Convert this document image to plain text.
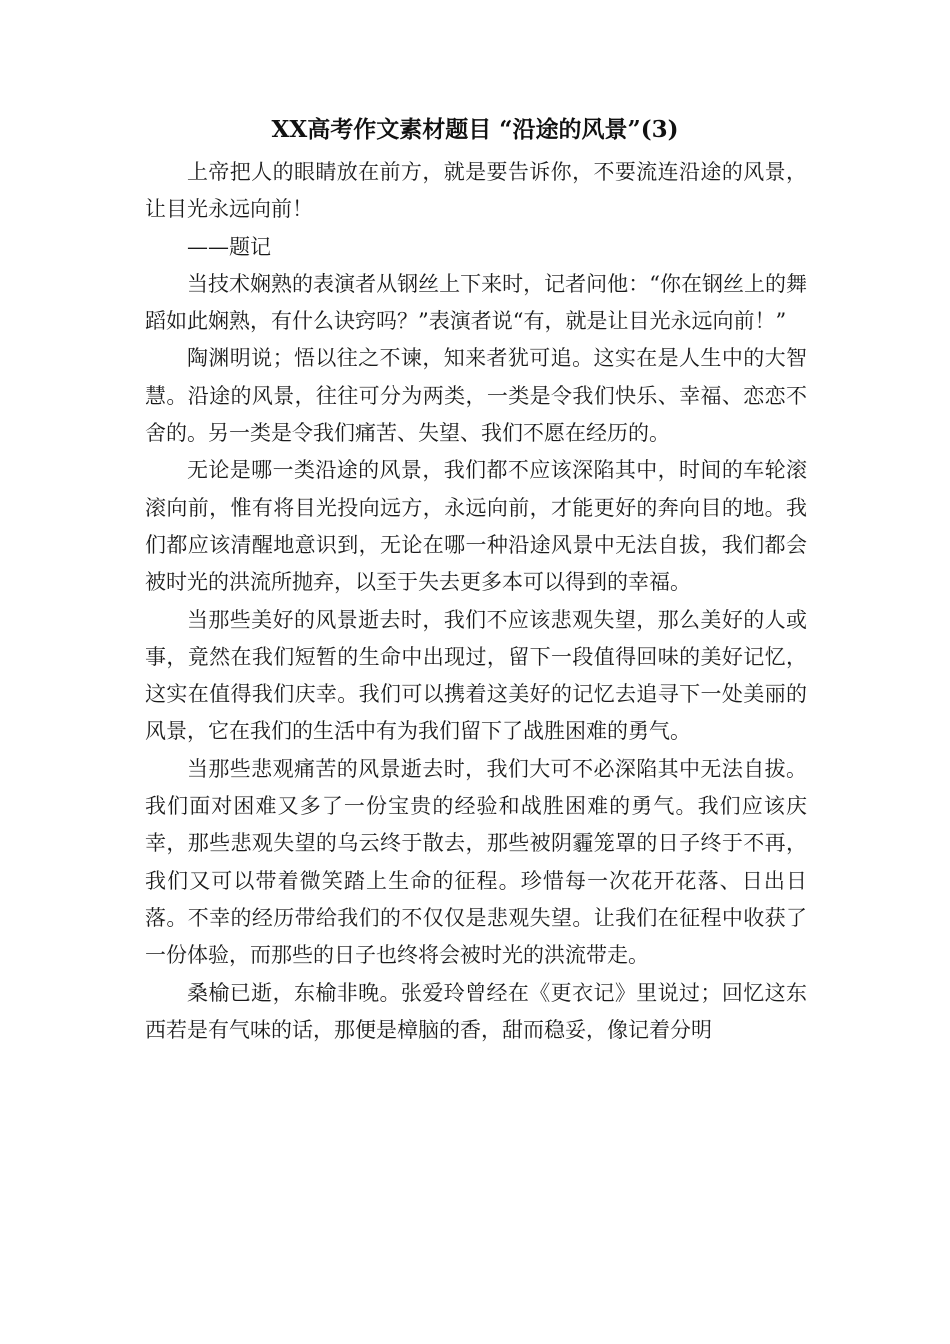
XX高考作文素材题目 “沿途的风景”(3)

上帝把人的眼睛放在前方，就是要告诉你，不要流连沿途的风景，让目光永远向前！

——题记

当技术娴熟的表演者从钢丝上下来时，记者问他：“你在钢丝上的舞蹈如此娴熟，有什么诀窍吗？”表演者说“有，就是让目光永远向前！”

陶渊明说；悟以往之不谏，知来者犹可追。这实在是人生中的大智慧。沿途的风景，往往可分为两类，一类是令我们快乐、幸福、恋恋不舍的。另一类是令我们痛苦、失望、我们不愿在经历的。

无论是哪一类沿途的风景，我们都不应该深陷其中，时间的车轮滚滚向前，惟有将目光投向远方，永远向前，才能更好的奔向目的地。我们都应该清醒地意识到，无论在哪一种沿途风景中无法自拔，我们都会被时光的洪流所抛弃，以至于失去更多本可以得到的幸福。

当那些美好的风景逝去时，我们不应该悲观失望，那么美好的人或事，竟然在我们短暂的生命中出现过，留下一段值得回味的美好记忆，这实在值得我们庆幸。我们可以携着这美好的记忆去追寻下一处美丽的风景，它在我们的生活中有为我们留下了战胜困难的勇气。

当那些悲观痛苦的风景逝去时，我们大可不必深陷其中无法自拔。我们面对困难又多了一份宝贵的经验和战胜困难的勇气。我们应该庆幸，那些悲观失望的乌云终于散去，那些被阴霾笼罩的日子终于不再，我们又可以带着微笑踏上生命的征程。珍惜每一次花开花落、日出日落。不幸的经历带给我们的不仅仅是悲观失望。让我们在征程中收获了一份体验，而那些的日子也终将会被时光的洪流带走。

桑榆已逝，东榆非晚。张爱玲曾经在《更衣记》里说过；回忆这东西若是有气味的话，那便是樟脑的香，甜而稳妥，像记着分明
